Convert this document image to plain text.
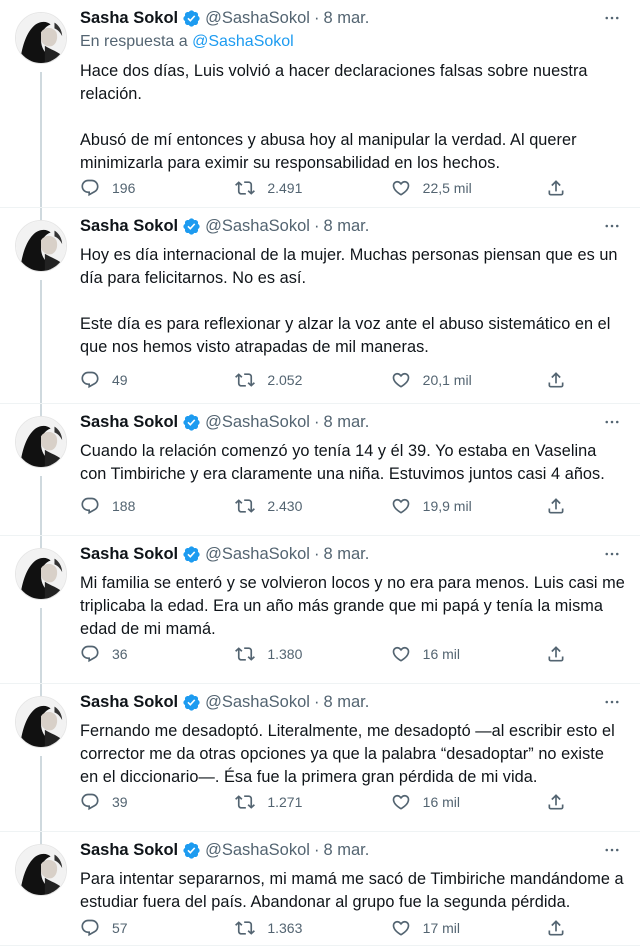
Sasha Sokol @SashaSokol · 8 mar.
En respuesta a @SashaSokol
Hace dos días, Luis volvió a hacer declaraciones falsas sobre nuestra relación.

Abusó de mí entonces y abusa hoy al manipular la verdad. Al querer minimizarla para eximir su responsabilidad en los hechos.
196	2.491	22,5 mil
Sasha Sokol @SashaSokol · 8 mar.
Hoy es día internacional de la mujer. Muchas personas piensan que es un día para felicitarnos. No es así.

Este día es para reflexionar y alzar la voz ante el abuso sistemático en el que nos hemos visto atrapadas de mil maneras.
49	2.052	20,1 mil
Sasha Sokol @SashaSokol · 8 mar.
Cuando la relación comenzó yo tenía 14 y él 39. Yo estaba en Vaselina con Timbiriche y era claramente una niña. Estuvimos juntos casi 4 años.
188	2.430	19,9 mil
Sasha Sokol @SashaSokol · 8 mar.
Mi familia se enteró y se volvieron locos y no era para menos. Luis casi me triplicaba la edad. Era un año más grande que mi papá y tenía la misma edad de mi mamá.
36	1.380	16 mil
Sasha Sokol @SashaSokol · 8 mar.
Fernando me desadoptó. Literalmente, me desadoptó —al escribir esto el corrector me da otras opciones ya que la palabra “desadoptar” no existe en el diccionario—. Ésa fue la primera gran pérdida de mi vida.
39	1.271	16 mil
Sasha Sokol @SashaSokol · 8 mar.
Para intentar separarnos, mi mamá me sacó de Timbiriche mandándome a estudiar fuera del país. Abandonar al grupo fue la segunda pérdida.
57	1.363	17 mil
